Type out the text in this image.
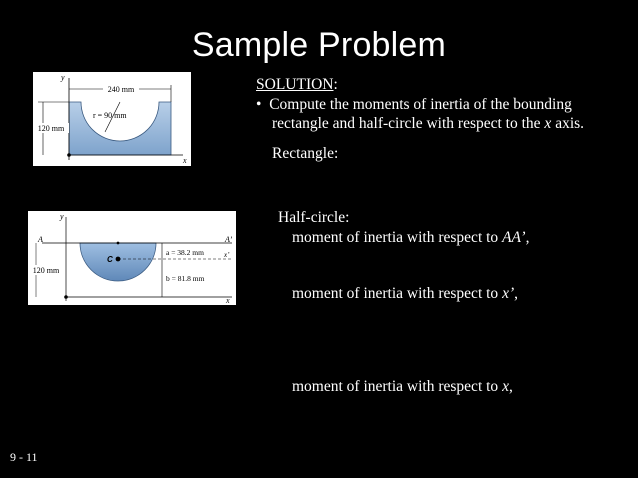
Sample Problem
y
x
240 mm
120 mm
r = 90 mm
y
A	A’
x’
x
C
a = 38.2 mm
b = 81.8 mm
120 mm
SOLUTION:
• Compute the moments of inertia of the bounding
rectangle and half-circle with respect to the x axis.
Rectangle:
Half-circle:
moment of inertia with respect to AA’,
moment of inertia with respect to x’,
moment of inertia with respect to x,
9 - 11
